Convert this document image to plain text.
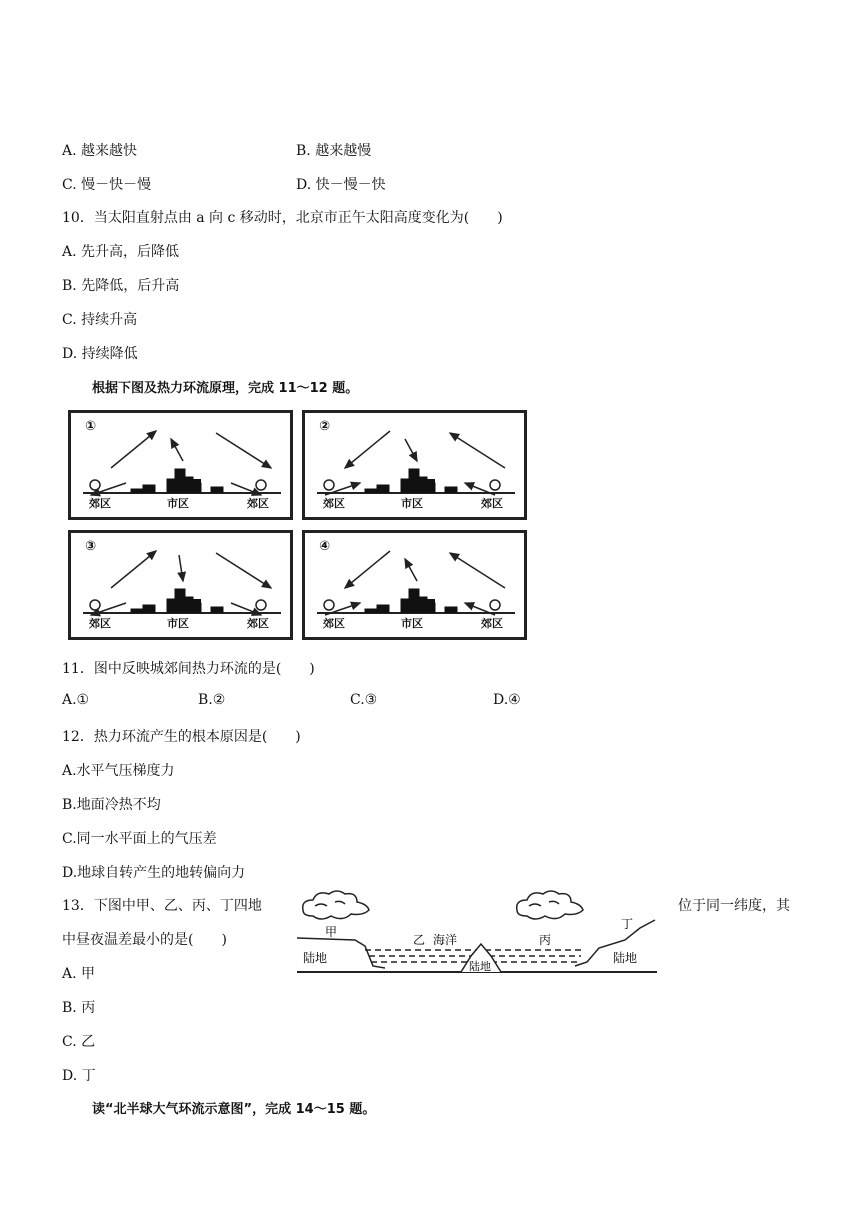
A. 越来越快	B. 越来越慢
C. 慢－快－慢	D. 快－慢－快
10．当太阳直射点由 a 向 c 移动时，北京市正午太阳高度变化为(　　)
A. 先升高，后降低
B. 先降低，后升高
C. 持续升高
D. 持续降低
根据下图及热力环流原理，完成 11～12 题。
①
郊区	市区	郊区
②
郊区	市区	郊区
③
郊区	市区	郊区
④
郊区	市区	郊区
11．图中反映城郊间热力环流的是(　　)
A.①	B.②	C.③	D.④
12．热力环流产生的根本原因是(　　)
A.水平气压梯度力
B.地面冷热不均
C.同一水平面上的气压差
D.地球自转产生的地转偏向力
13．下图中甲、乙、丙、丁四地	位于同一纬度，其
中昼夜温差最小的是(　　)
A. 甲
B. 丙
C. 乙
D. 丁
甲
乙 海洋	丙
丁
陆地
陆地
陆地
读“北半球大气环流示意图”，完成 14～15 题。
